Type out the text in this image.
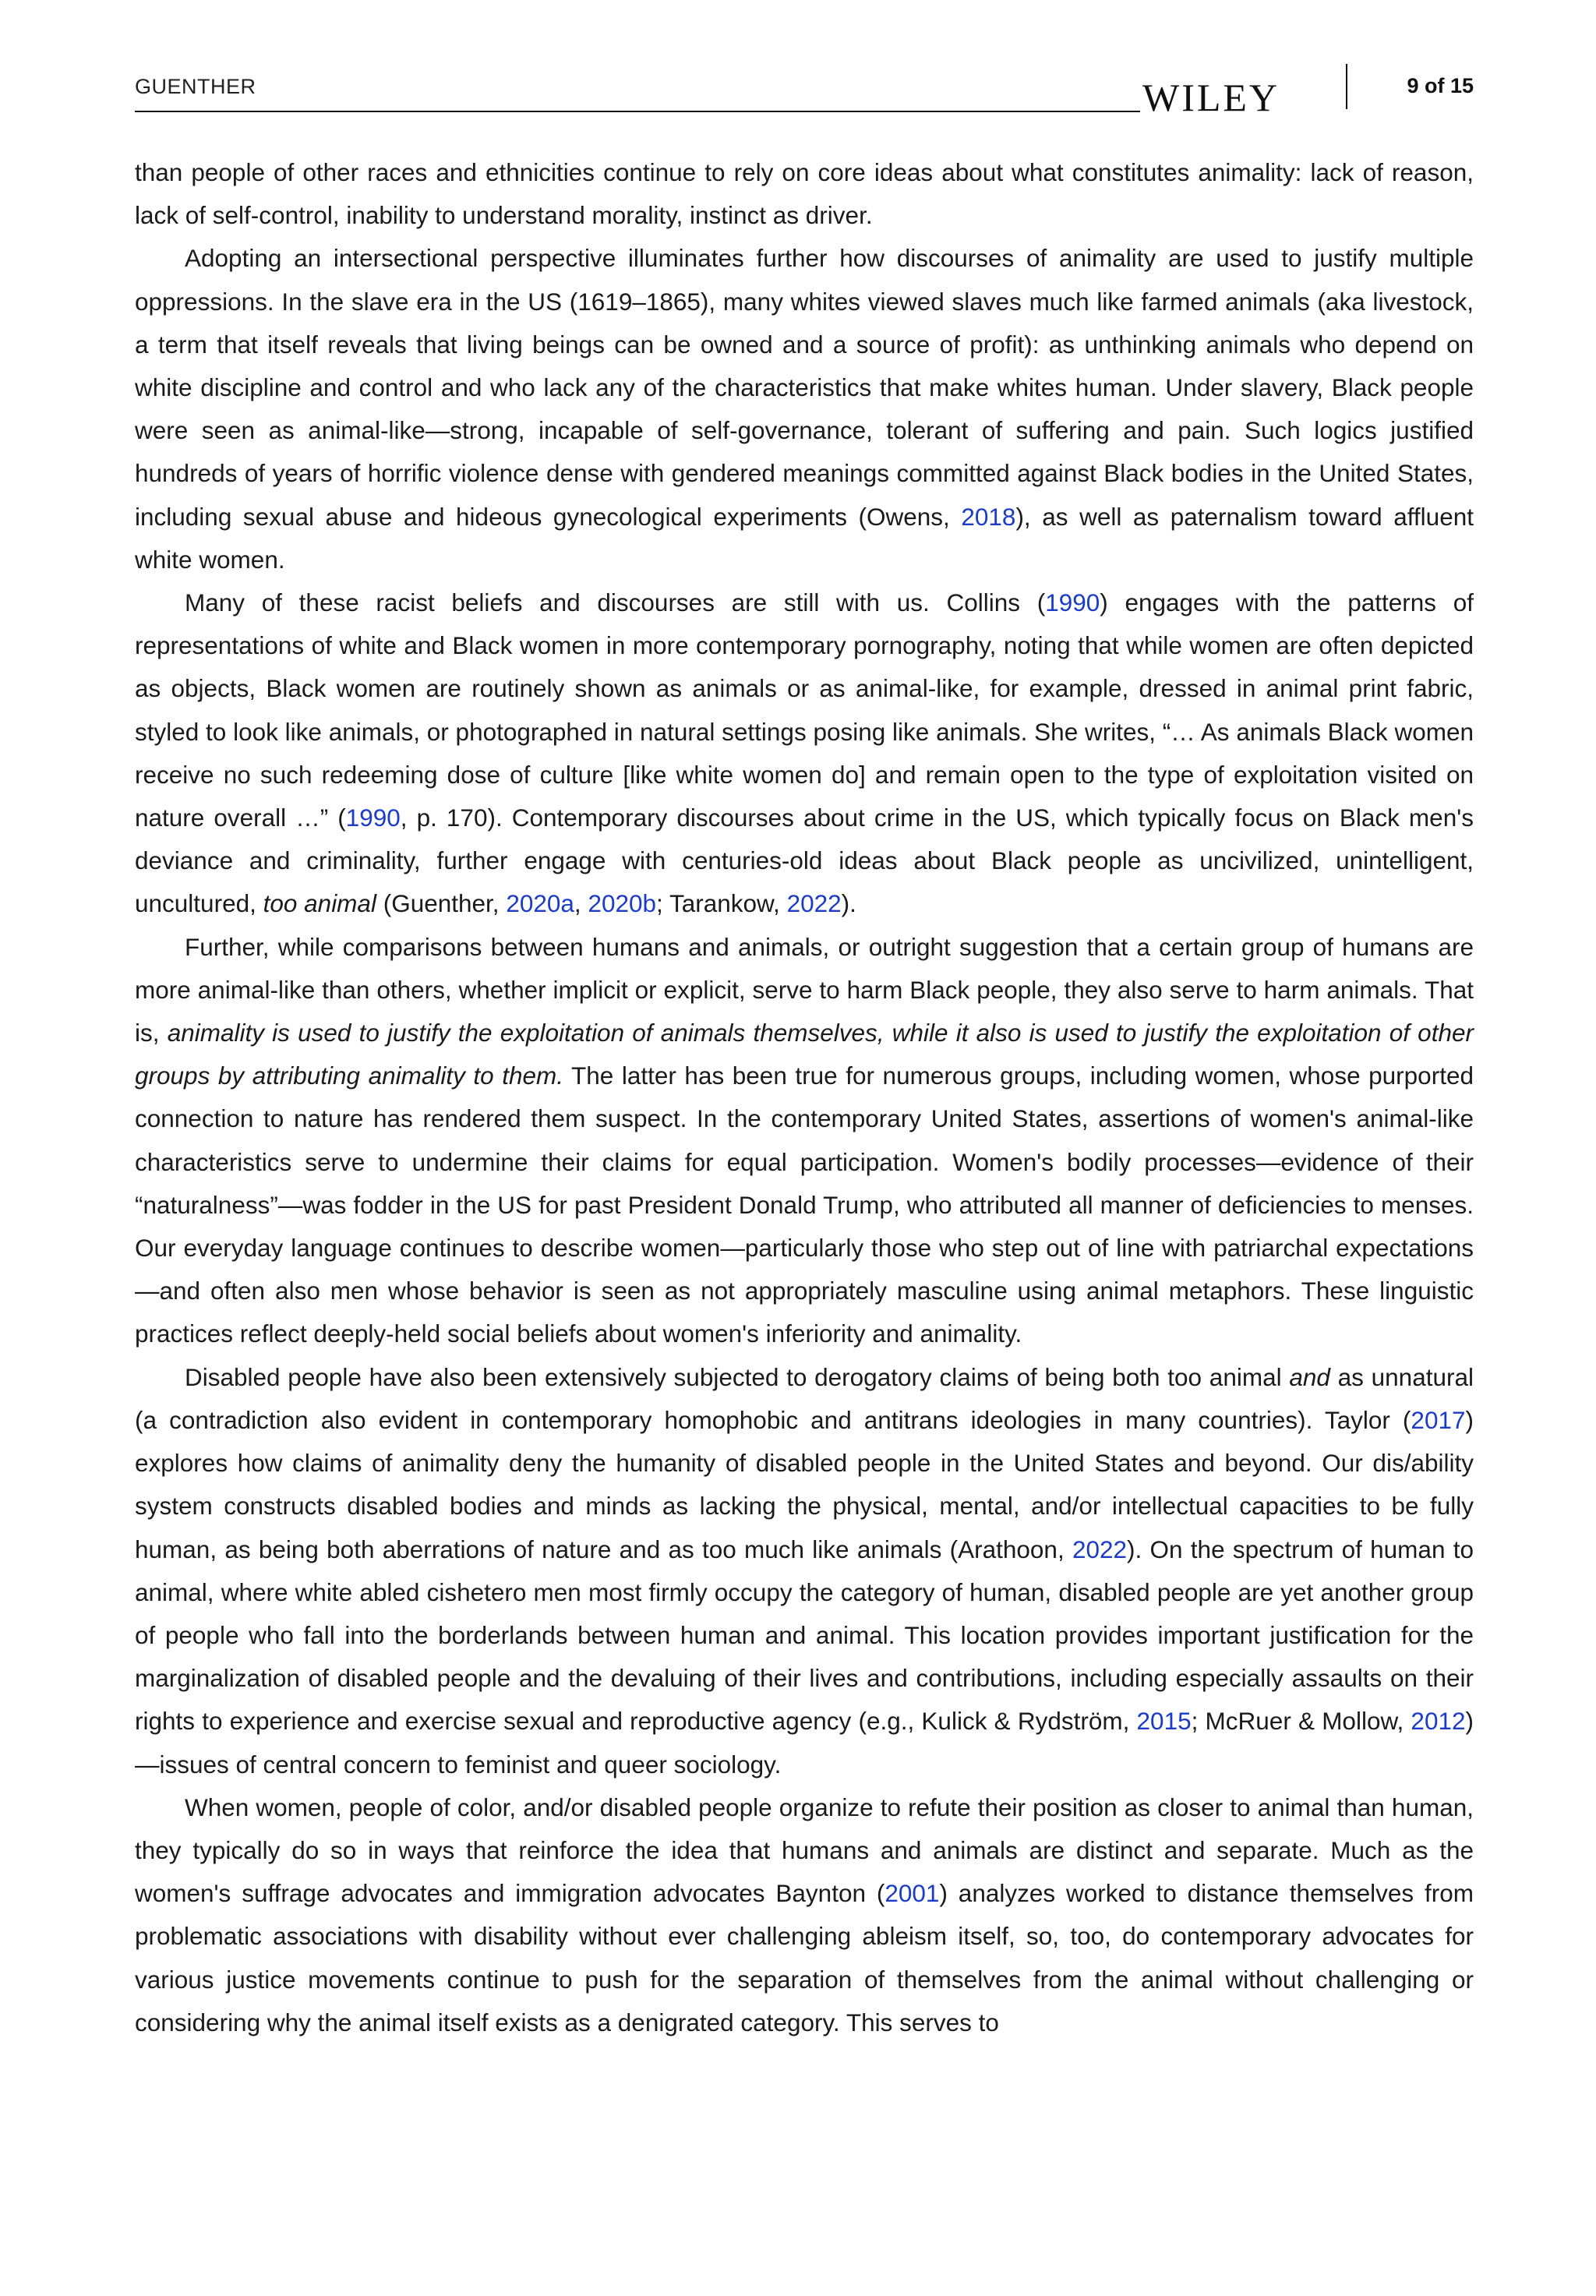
GUENTHER	WILEY	9 of 15

than people of other races and ethnicities continue to rely on core ideas about what constitutes animality: lack of reason, lack of self-control, inability to understand morality, instinct as driver.

Adopting an intersectional perspective illuminates further how discourses of animality are used to justify multiple oppressions. In the slave era in the US (1619–1865), many whites viewed slaves much like farmed animals (aka livestock, a term that itself reveals that living beings can be owned and a source of profit): as unthinking animals who depend on white discipline and control and who lack any of the characteristics that make whites human. Under slavery, Black people were seen as animal-like—strong, incapable of self-governance, tolerant of suffering and pain. Such logics justified hundreds of years of horrific violence dense with gendered meanings committed against Black bodies in the United States, including sexual abuse and hideous gynecological experiments (Owens, 2018), as well as paternalism toward affluent white women.

Many of these racist beliefs and discourses are still with us. Collins (1990) engages with the patterns of representations of white and Black women in more contemporary pornography, noting that while women are often depicted as objects, Black women are routinely shown as animals or as animal-like, for example, dressed in animal print fabric, styled to look like animals, or photographed in natural settings posing like animals. She writes, “… As animals Black women receive no such redeeming dose of culture [like white women do] and remain open to the type of exploitation visited on nature overall …” (1990, p. 170). Contemporary discourses about crime in the US, which typically focus on Black men's deviance and criminality, further engage with centuries-old ideas about Black people as uncivilized, unintelligent, uncultured, too animal (Guenther, 2020a, 2020b; Tarankow, 2022).

Further, while comparisons between humans and animals, or outright suggestion that a certain group of humans are more animal-like than others, whether implicit or explicit, serve to harm Black people, they also serve to harm animals. That is, animality is used to justify the exploitation of animals themselves, while it also is used to justify the exploitation of other groups by attributing animality to them. The latter has been true for numerous groups, including women, whose purported connection to nature has rendered them suspect. In the contemporary United States, assertions of women's animal-like characteristics serve to undermine their claims for equal participation. Women's bodily processes—evidence of their “naturalness”—was fodder in the US for past President Donald Trump, who attributed all manner of deficiencies to menses. Our everyday language continues to describe women—particularly those who step out of line with patriarchal expectations—and often also men whose behavior is seen as not appropriately masculine using animal metaphors. These linguistic practices reflect deeply-held social beliefs about women's inferiority and animality.

Disabled people have also been extensively subjected to derogatory claims of being both too animal and as unnatural (a contradiction also evident in contemporary homophobic and antitrans ideologies in many countries). Taylor (2017) explores how claims of animality deny the humanity of disabled people in the United States and beyond. Our dis/ability system constructs disabled bodies and minds as lacking the physical, mental, and/or intellectual capacities to be fully human, as being both aberrations of nature and as too much like animals (Arathoon, 2022). On the spectrum of human to animal, where white abled cishetero men most firmly occupy the category of human, disabled people are yet another group of people who fall into the borderlands between human and animal. This location provides important justification for the marginalization of disabled people and the devaluing of their lives and contributions, including especially assaults on their rights to experience and exercise sexual and reproductive agency (e.g., Kulick & Rydström, 2015; McRuer & Mollow, 2012)—issues of central concern to feminist and queer sociology.

When women, people of color, and/or disabled people organize to refute their position as closer to animal than human, they typically do so in ways that reinforce the idea that humans and animals are distinct and separate. Much as the women's suffrage advocates and immigration advocates Baynton (2001) analyzes worked to distance themselves from problematic associations with disability without ever challenging ableism itself, so, too, do contemporary advocates for various justice movements continue to push for the separation of themselves from the animal without challenging or considering why the animal itself exists as a denigrated category. This serves to
